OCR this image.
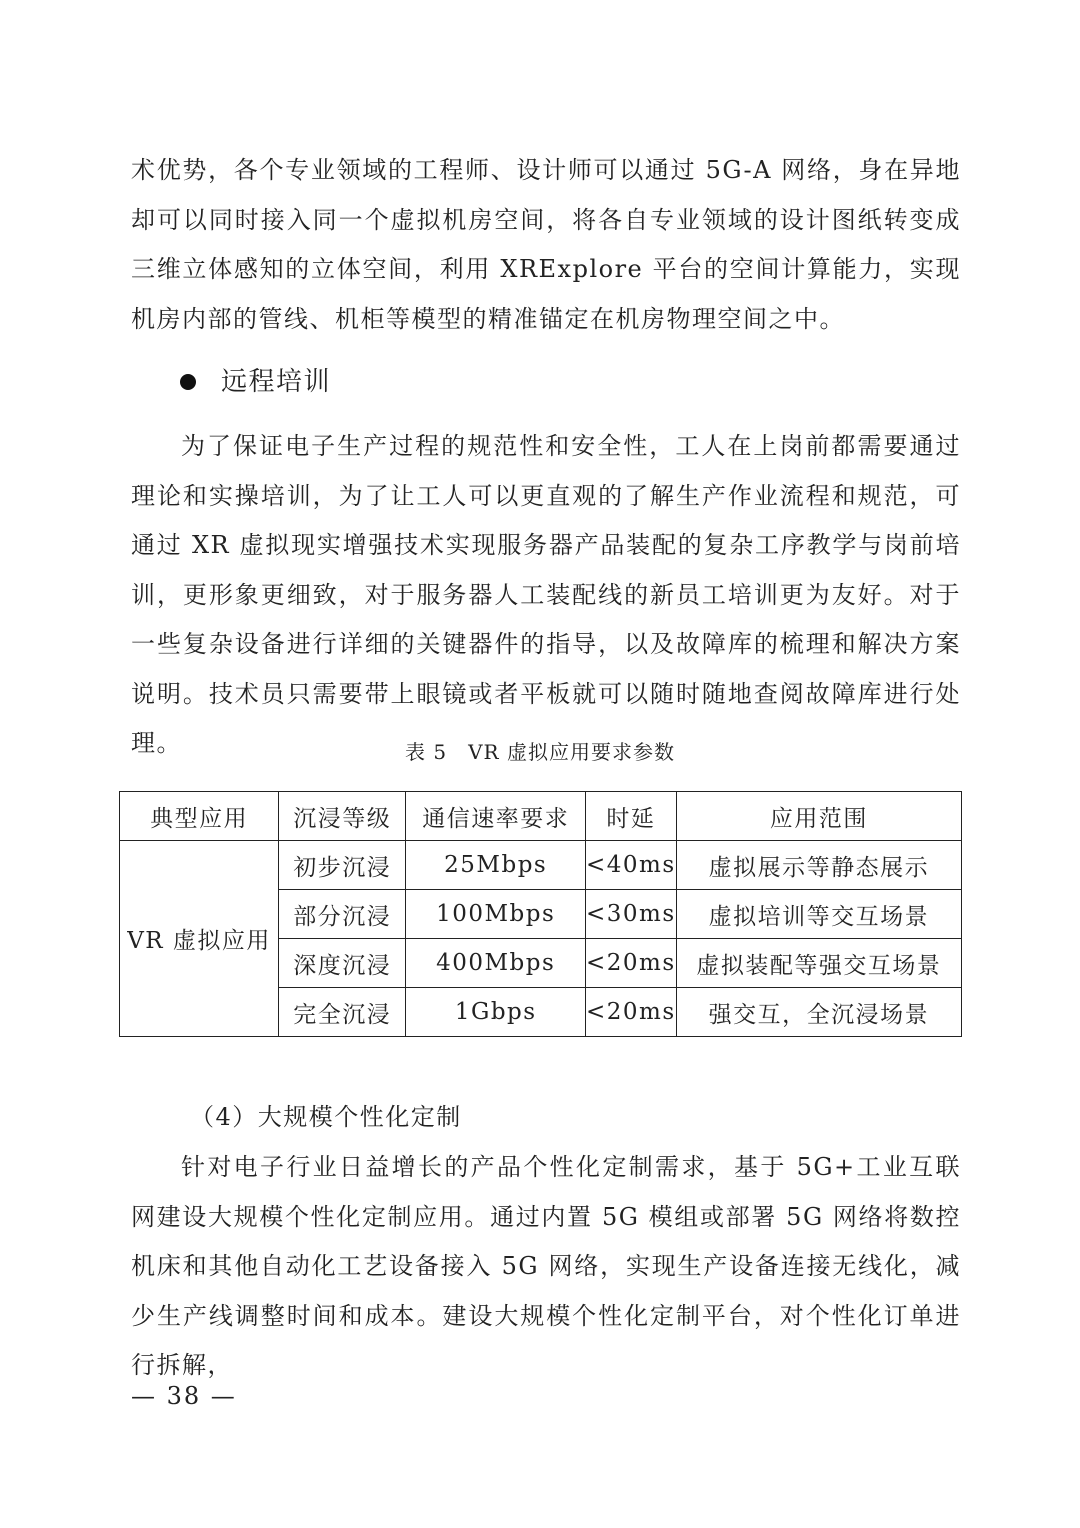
术优势，各个专业领域的工程师、设计师可以通过 5G-A 网络，身在异地却可以同时接入同一个虚拟机房空间，将各自专业领域的设计图纸转变成三维立体感知的立体空间，利用 XRExplore 平台的空间计算能力，实现机房内部的管线、机柜等模型的精准锚定在机房物理空间之中。

远程培训

为了保证电子生产过程的规范性和安全性，工人在上岗前都需要通过理论和实操培训，为了让工人可以更直观的了解生产作业流程和规范，可通过 XR 虚拟现实增强技术实现服务器产品装配的复杂工序教学与岗前培训，更形象更细致，对于服务器人工装配线的新员工培训更为友好。对于一些复杂设备进行详细的关键器件的指导，以及故障库的梳理和解决方案说明。技术员只需要带上眼镜或者平板就可以随时随地查阅故障库进行处理。	表 5　VR 虚拟应用要求参数
典型应用	沉浸等级	通信速率要求	时延	应用范围
VR 虚拟应用	初步沉浸	25Mbps	<40ms	虚拟展示等静态展示
	部分沉浸	100Mbps	<30ms	虚拟培训等交互场景
	深度沉浸	400Mbps	<20ms	虚拟装配等强交互场景
	完全沉浸	1Gbps	<20ms	强交互，全沉浸场景
（4）大规模个性化定制

针对电子行业日益增长的产品个性化定制需求，基于 5G+工业互联网建设大规模个性化定制应用。通过内置 5G 模组或部署 5G 网络将数控机床和其他自动化工艺设备接入 5G 网络，实现生产设备连接无线化，减少生产线调整时间和成本。建设大规模个性化定制平台，对个性化订单进行拆解，

— 38 —
